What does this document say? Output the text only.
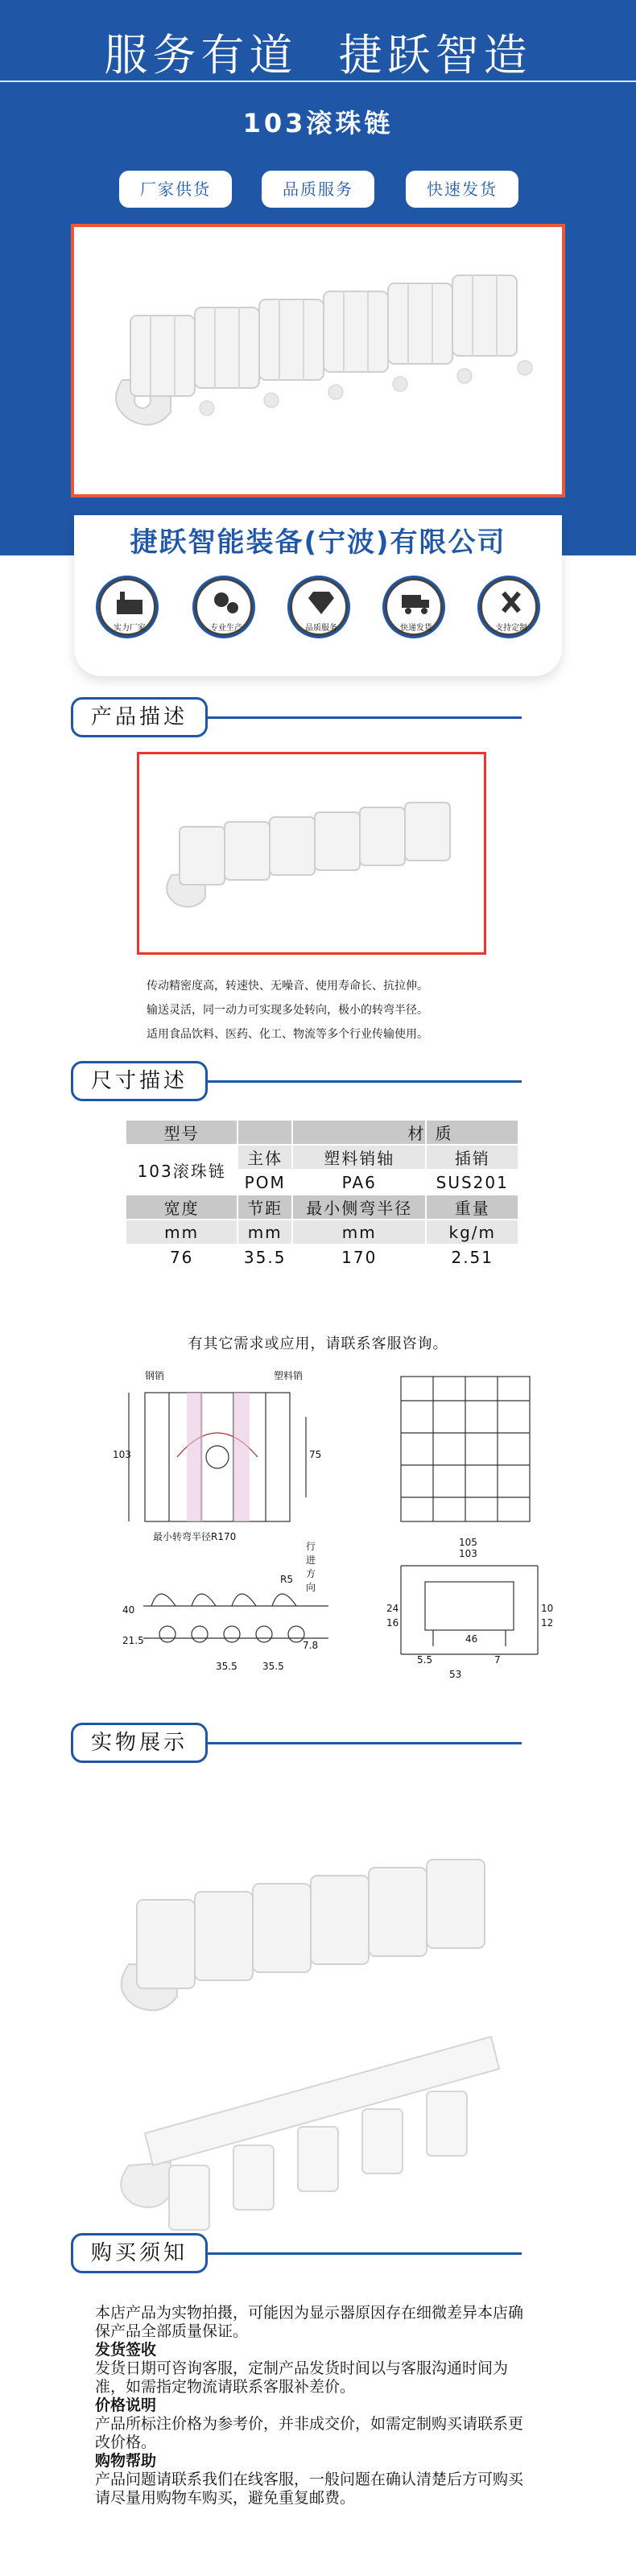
服务有道 捷跃智造
103滚珠链
厂家供货	品质服务	快速发货
捷跃智能装备(宁波)有限公司
实力厂家	专业生产	品质服务	快递发货	支持定制
产品描述
传动精密度高，转速快、无噪音、使用寿命长、抗拉伸。
输送灵活，同一动力可实现多处转向，极小的转弯半径。
适用食品饮料、医药、化工、物流等多个行业传输使用。
尺寸描述
型号		材	质
103滚珠链	主体	塑料销轴	插销
	POM	PA6	SUS201
宽度	节距	最小侧弯半径	重量
mm	mm	mm	kg/m
76	35.5	170	2.51
有其它需求或应用，请联系客服咨询。
钢销	塑料销
103	75
最小转弯半径R170
行进方向
40
21.5
35.5	35.5
7.8
R5
105
103
24
16
46
10
12
5.5
53
7
实物展示
购买须知
本店产品为实物拍摄，可能因为显示器原因存在细微差异本店确保产品全部质量保证。
发货签收
发货日期可咨询客服，定制产品发货时间以与客服沟通时间为准，如需指定物流请联系客服补差价。
价格说明
产品所标注价格为参考价，并非成交价，如需定制购买请联系更改价格。
购物帮助
产品问题请联系我们在线客服，一般问题在确认清楚后方可购买请尽量用购物车购买，避免重复邮费。
